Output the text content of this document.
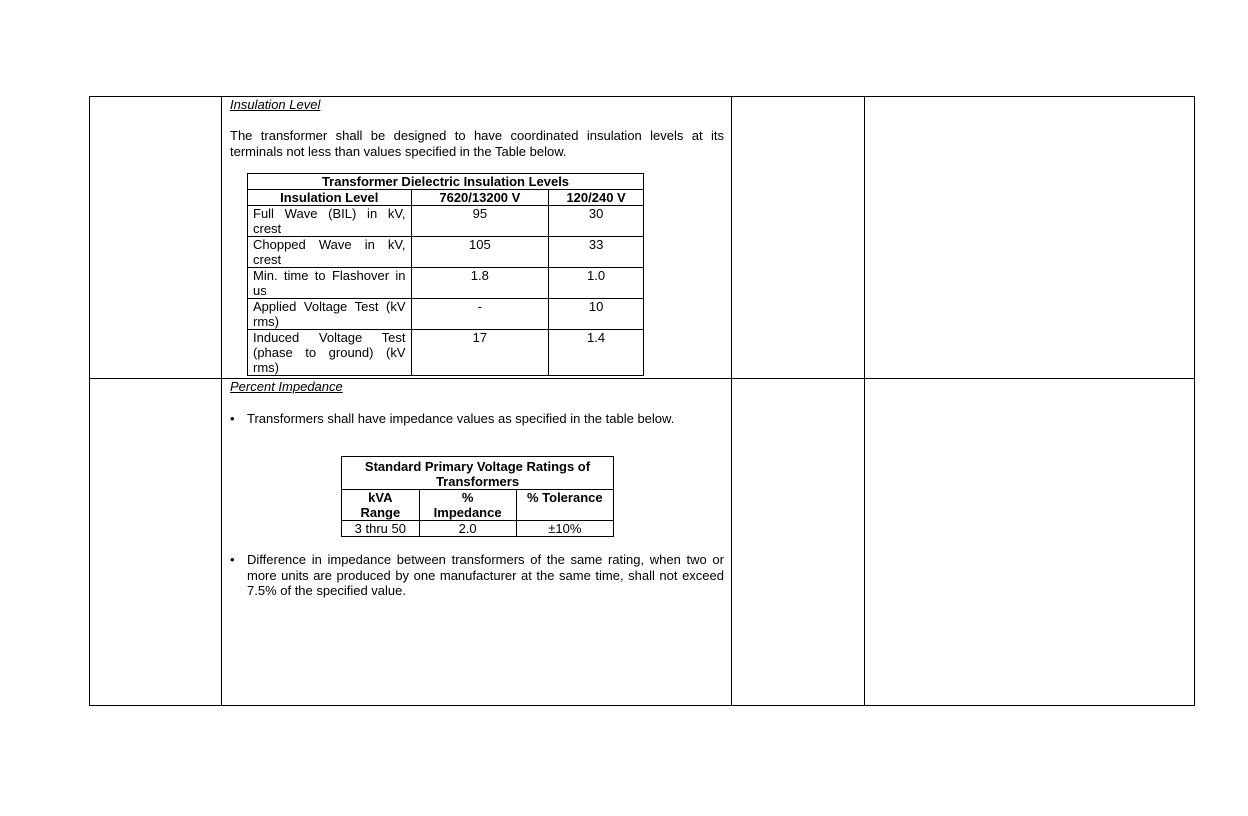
Insulation Level
The transformer shall be designed to have coordinated insulation levels at its terminals not less than values specified in the Table below.
Transformer Dielectric Insulation Levels		
Insulation Level	7620/13200 V	120/240 V
Full Wave (BIL) in kV, crest	95	30
Chopped Wave in kV, crest	105	33
Min. time to Flashover in us	1.8	1.0
Applied Voltage Test (kV rms)	-	10
Induced Voltage Test (phase to ground) (kV rms)	17	1.4
Percent Impedance
• Transformers shall have impedance values as specified in the table below.
Standard Primary Voltage Ratings of Transformers		
kVA Range	% Impedance	% Tolerance
3 thru 50	2.0	±10%
• Difference in impedance between transformers of the same rating, when two or more units are produced by one manufacturer at the same time, shall not exceed 7.5% of the specified value.
